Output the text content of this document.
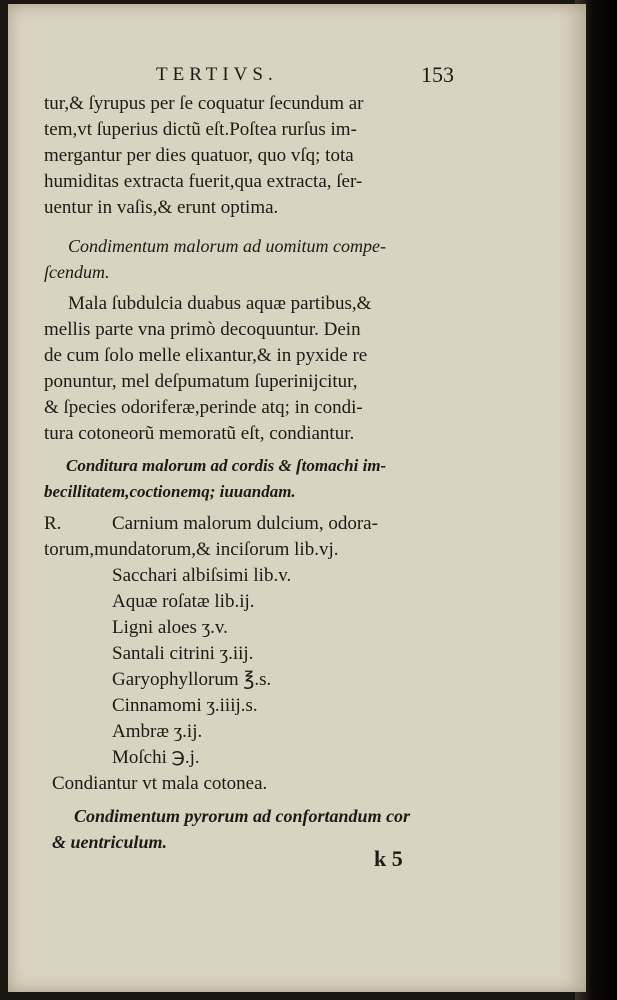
TERTIVS.	153
tur,& ſyrupus per ſe coquatur ſecundum ar
tem,vt ſuperius dictũ eſt.Poſtea rurſus im-
mergantur per dies quatuor, quo vſq; tota
humiditas extracta fuerit,qua extracta, ſer-
uentur in vaſis,& erunt optima.
Condimentum malorum ad uomitum compe-
ſcendum.
Mala ſubdulcia duabus aquæ partibus,&
mellis parte vna primò decoquuntur. Dein
de cum ſolo melle elixantur,& in pyxide re
ponuntur, mel deſpumatum ſuperinijcitur,
& ſpecies odoriferæ,perinde atq; in condi-
tura cotoneorũ memoratũ eſt, condiantur.
Conditura malorum ad cordis & ſtomachi im-
becillitatem,coctionemq; iuuandam.
R.	Carnium malorum dulcium, odora-
torum,mundatorum,& inciſorum lib.vj.
Sacchari albiſsimi lib.v.
Aquæ roſatæ lib.ij.
Ligni aloes ʒ.v.
Santali citrini ʒ.iij.
Garyophyllorum ℥.s.
Cinnamomi ʒ.iiij.s.
Ambræ ʒ.ij.
Moſchi ℈.j.
Condiantur vt mala cotonea.
Condimentum pyrorum ad confortandum cor
& uentriculum.
k 5
